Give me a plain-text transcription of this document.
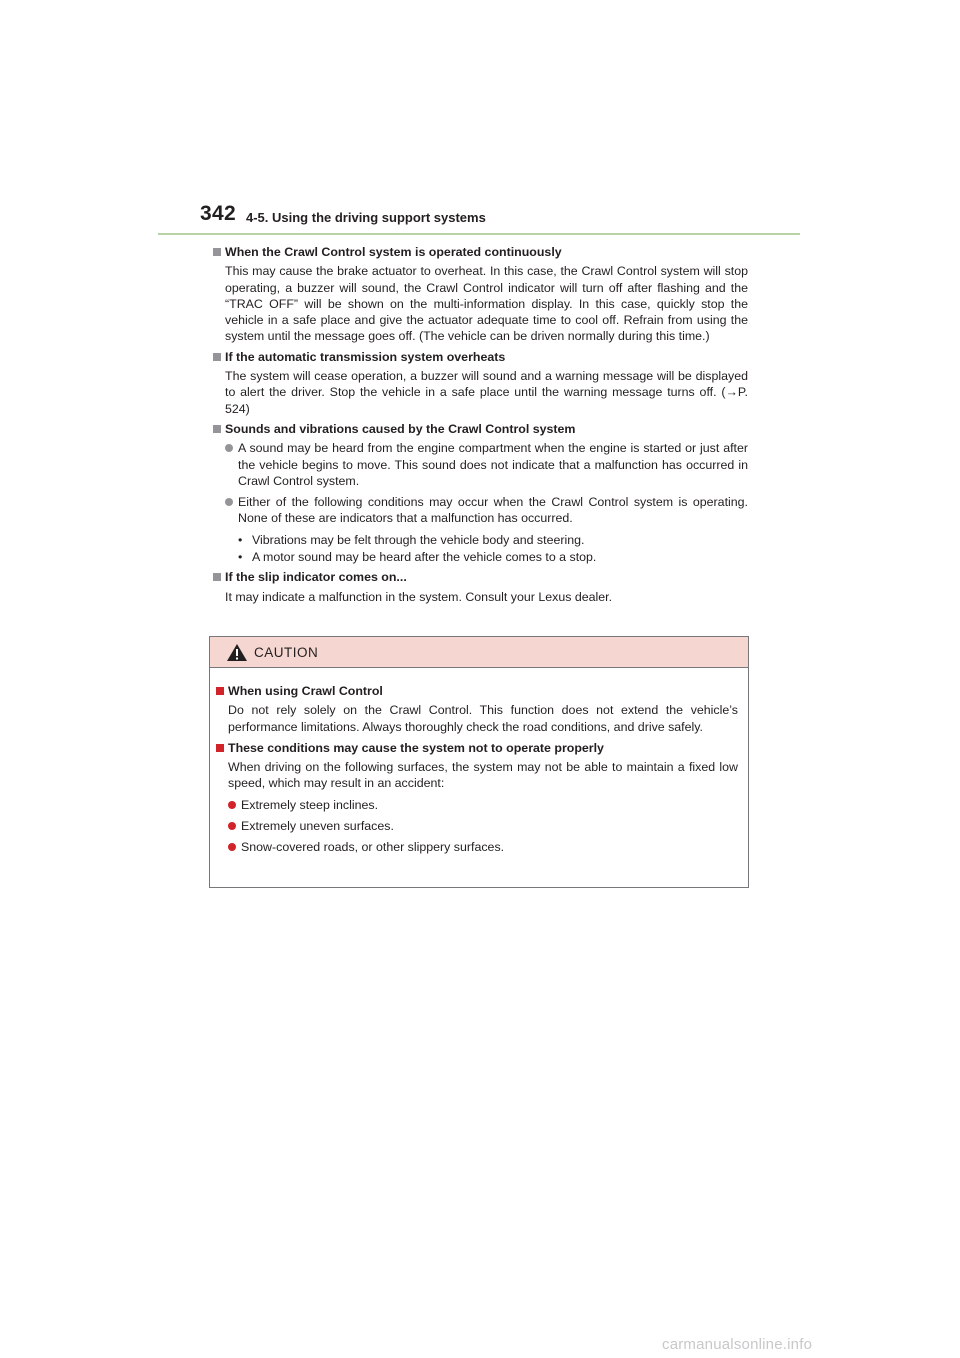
342 4-5. Using the driving support systems
When the Crawl Control system is operated continuously

This may cause the brake actuator to overheat. In this case, the Crawl Control system will stop operating, a buzzer will sound, the Crawl Control indicator will turn off after flashing and the “TRAC OFF” will be shown on the multi-information display. In this case, quickly stop the vehicle in a safe place and give the actuator adequate time to cool off. Refrain from using the system until the message goes off. (The vehicle can be driven normally during this time.)

If the automatic transmission system overheats

The system will cease operation, a buzzer will sound and a warning message will be displayed to alert the driver. Stop the vehicle in a safe place until the warning message turns off. (→P. 524)

Sounds and vibrations caused by the Crawl Control system
A sound may be heard from the engine compartment when the engine is started or just after the vehicle begins to move. This sound does not indicate that a malfunction has occurred in Crawl Control system.
Either of the following conditions may occur when the Crawl Control system is operating. None of these are indicators that a malfunction has occurred.
• Vibrations may be felt through the vehicle body and steering.
• A motor sound may be heard after the vehicle comes to a stop.
If the slip indicator comes on...

It may indicate a malfunction in the system. Consult your Lexus dealer.

CAUTION
When using Crawl Control

Do not rely solely on the Crawl Control. This function does not extend the vehicle’s performance limitations. Always thoroughly check the road conditions, and drive safely.

These conditions may cause the system not to operate properly

When driving on the following surfaces, the system may not be able to maintain a fixed low speed, which may result in an accident:

Extremely steep inclines.
Extremely uneven surfaces.
Snow-covered roads, or other slippery surfaces.
carmanualsonline.info
